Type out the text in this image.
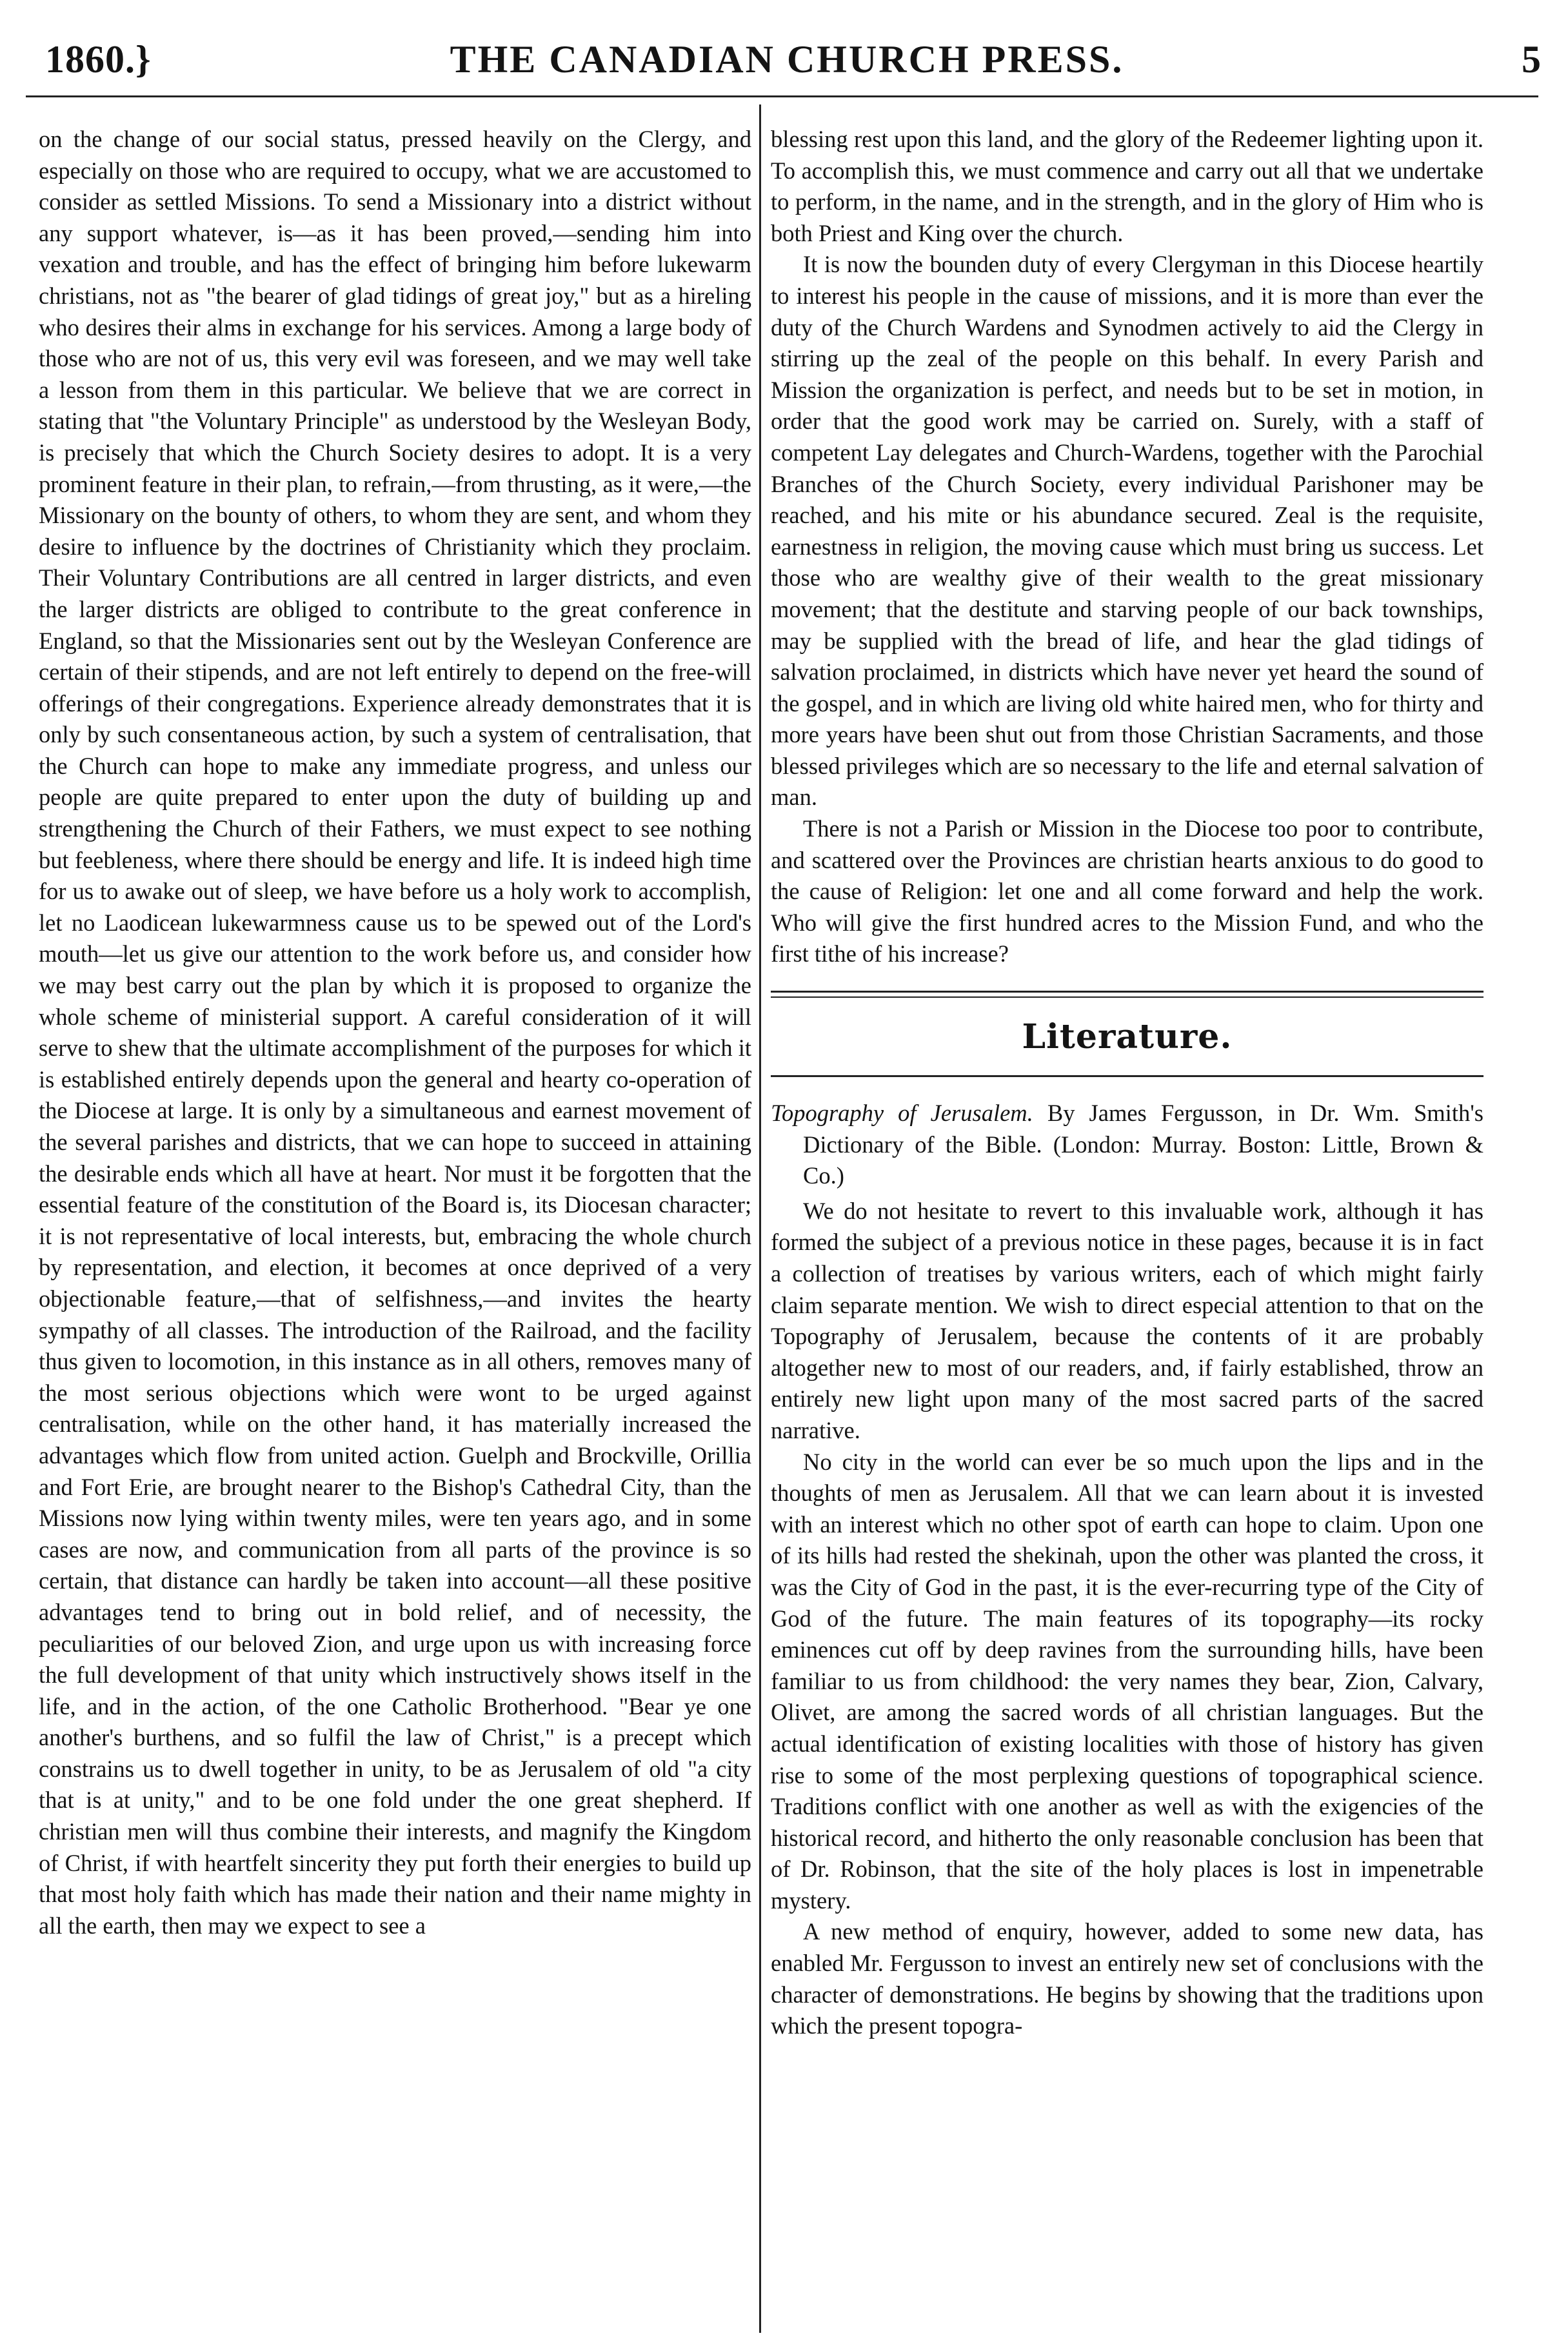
1860.}	THE CANADIAN CHURCH PRESS.	5

on the change of our social status, pressed heavily on the Clergy, and especially on those who are required to occupy, what we are accustomed to consider as settled Missions. To send a Missionary into a district without any support whatever, is—as it has been proved,—sending him into vexation and trouble, and has the effect of bringing him before lukewarm christians, not as "the bearer of glad tidings of great joy," but as a hireling who desires their alms in exchange for his services. Among a large body of those who are not of us, this very evil was foreseen, and we may well take a lesson from them in this particular. We believe that we are correct in stating that "the Voluntary Principle" as understood by the Wesleyan Body, is precisely that which the Church Society desires to adopt. It is a very prominent feature in their plan, to refrain,—from thrusting, as it were,—the Missionary on the bounty of others, to whom they are sent, and whom they desire to influence by the doctrines of Christianity which they proclaim. Their Voluntary Contributions are all centred in larger districts, and even the larger districts are obliged to contribute to the great conference in England, so that the Missionaries sent out by the Wesleyan Conference are certain of their stipends, and are not left entirely to depend on the free-will offerings of their congregations. Experience already demonstrates that it is only by such consentaneous action, by such a system of centralisation, that the Church can hope to make any immediate progress, and unless our people are quite prepared to enter upon the duty of building up and strengthening the Church of their Fathers, we must expect to see nothing but feebleness, where there should be energy and life. It is indeed high time for us to awake out of sleep, we have before us a holy work to accomplish, let no Laodicean lukewarmness cause us to be spewed out of the Lord's mouth—let us give our attention to the work before us, and consider how we may best carry out the plan by which it is proposed to organize the whole scheme of ministerial support. A careful consideration of it will serve to shew that the ultimate accomplishment of the purposes for which it is established entirely depends upon the general and hearty co-operation of the Diocese at large. It is only by a simultaneous and earnest movement of the several parishes and districts, that we can hope to succeed in attaining the desirable ends which all have at heart. Nor must it be forgotten that the essential feature of the constitution of the Board is, its Diocesan character; it is not representative of local interests, but, embracing the whole church by representation, and election, it becomes at once deprived of a very objectionable feature,—that of selfishness,—and invites the hearty sympathy of all classes. The introduction of the Railroad, and the facility thus given to locomotion, in this instance as in all others, removes many of the most serious objections which were wont to be urged against centralisation, while on the other hand, it has materially increased the advantages which flow from united action. Guelph and Brockville, Orillia and Fort Erie, are brought nearer to the Bishop's Cathedral City, than the Missions now lying within twenty miles, were ten years ago, and in some cases are now, and communication from all parts of the province is so certain, that distance can hardly be taken into account—all these positive advantages tend to bring out in bold relief, and of necessity, the peculiarities of our beloved Zion, and urge upon us with increasing force the full development of that unity which instructively shows itself in the life, and in the action, of the one Catholic Brotherhood. "Bear ye one another's burthens, and so fulfil the law of Christ," is a precept which constrains us to dwell together in unity, to be as Jerusalem of old "a city that is at unity," and to be one fold under the one great shepherd. If christian men will thus combine their interests, and magnify the Kingdom of Christ, if with heartfelt sincerity they put forth their energies to build up that most holy faith which has made their nation and their name mighty in all the earth, then may we expect to see a

blessing rest upon this land, and the glory of the Redeemer lighting upon it. To accomplish this, we must commence and carry out all that we undertake to perform, in the name, and in the strength, and in the glory of Him who is both Priest and King over the church.

It is now the bounden duty of every Clergyman in this Diocese heartily to interest his people in the cause of missions, and it is more than ever the duty of the Church Wardens and Synodmen actively to aid the Clergy in stirring up the zeal of the people on this behalf. In every Parish and Mission the organization is perfect, and needs but to be set in motion, in order that the good work may be carried on. Surely, with a staff of competent Lay delegates and Church-Wardens, together with the Parochial Branches of the Church Society, every individual Parishoner may be reached, and his mite or his abundance secured. Zeal is the requisite, earnestness in religion, the moving cause which must bring us success. Let those who are wealthy give of their wealth to the great missionary movement; that the destitute and starving people of our back townships, may be supplied with the bread of life, and hear the glad tidings of salvation proclaimed, in districts which have never yet heard the sound of the gospel, and in which are living old white haired men, who for thirty and more years have been shut out from those Christian Sacraments, and those blessed privileges which are so necessary to the life and eternal salvation of man.

There is not a Parish or Mission in the Diocese too poor to contribute, and scattered over the Provinces are christian hearts anxious to do good to the cause of Religion: let one and all come forward and help the work. Who will give the first hundred acres to the Mission Fund, and who the first tithe of his increase?

Literature.

Topography of Jerusalem. By James Fergusson, in Dr. Wm. Smith's Dictionary of the Bible. (London: Murray. Boston: Little, Brown & Co.)

We do not hesitate to revert to this invaluable work, although it has formed the subject of a previous notice in these pages, because it is in fact a collection of treatises by various writers, each of which might fairly claim separate mention. We wish to direct especial attention to that on the Topography of Jerusalem, because the contents of it are probably altogether new to most of our readers, and, if fairly established, throw an entirely new light upon many of the most sacred parts of the sacred narrative.

No city in the world can ever be so much upon the lips and in the thoughts of men as Jerusalem. All that we can learn about it is invested with an interest which no other spot of earth can hope to claim. Upon one of its hills had rested the shekinah, upon the other was planted the cross, it was the City of God in the past, it is the ever-recurring type of the City of God of the future. The main features of its topography—its rocky eminences cut off by deep ravines from the surrounding hills, have been familiar to us from childhood: the very names they bear, Zion, Calvary, Olivet, are among the sacred words of all christian languages. But the actual identification of existing localities with those of history has given rise to some of the most perplexing questions of topographical science. Traditions conflict with one another as well as with the exigencies of the historical record, and hitherto the only reasonable conclusion has been that of Dr. Robinson, that the site of the holy places is lost in impenetrable mystery.

A new method of enquiry, however, added to some new data, has enabled Mr. Fergusson to invest an entirely new set of conclusions with the character of demonstrations. He begins by showing that the traditions upon which the present topogra-
